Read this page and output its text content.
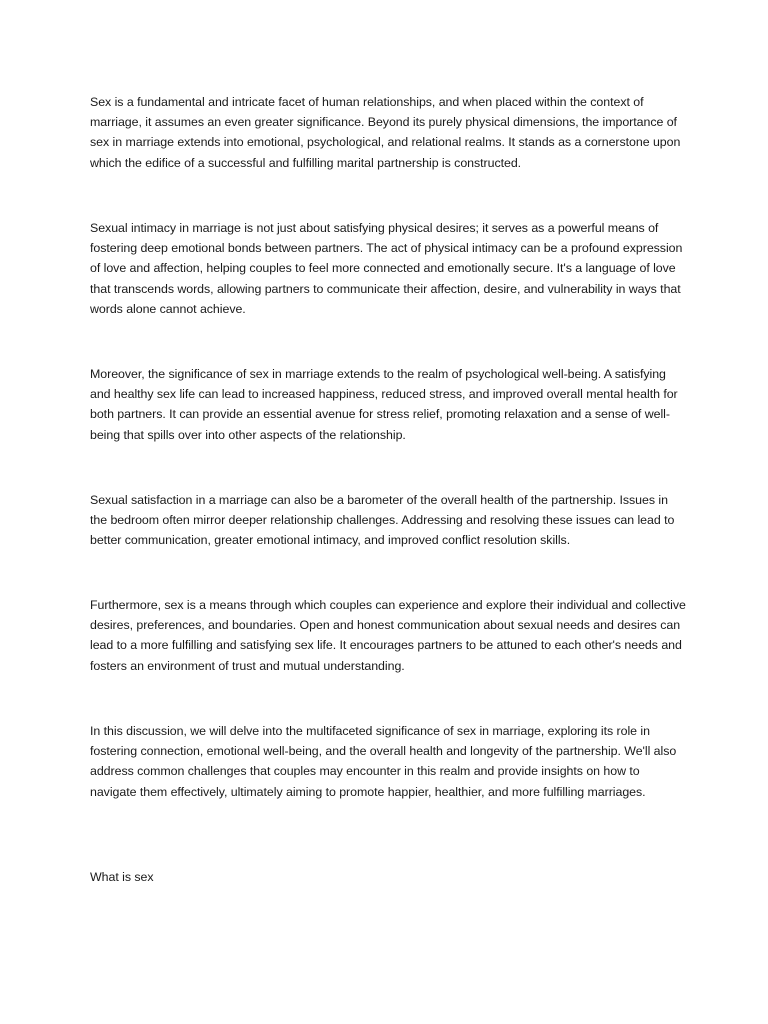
Sex is a fundamental and intricate facet of human relationships, and when placed within the context of marriage, it assumes an even greater significance. Beyond its purely physical dimensions, the importance of sex in marriage extends into emotional, psychological, and relational realms. It stands as a cornerstone upon which the edifice of a successful and fulfilling marital partnership is constructed.

Sexual intimacy in marriage is not just about satisfying physical desires; it serves as a powerful means of fostering deep emotional bonds between partners. The act of physical intimacy can be a profound expression of love and affection, helping couples to feel more connected and emotionally secure. It's a language of love that transcends words, allowing partners to communicate their affection, desire, and vulnerability in ways that words alone cannot achieve.

Moreover, the significance of sex in marriage extends to the realm of psychological well-being. A satisfying and healthy sex life can lead to increased happiness, reduced stress, and improved overall mental health for both partners. It can provide an essential avenue for stress relief, promoting relaxation and a sense of well-being that spills over into other aspects of the relationship.

Sexual satisfaction in a marriage can also be a barometer of the overall health of the partnership. Issues in the bedroom often mirror deeper relationship challenges. Addressing and resolving these issues can lead to better communication, greater emotional intimacy, and improved conflict resolution skills.

Furthermore, sex is a means through which couples can experience and explore their individual and collective desires, preferences, and boundaries. Open and honest communication about sexual needs and desires can lead to a more fulfilling and satisfying sex life. It encourages partners to be attuned to each other's needs and fosters an environment of trust and mutual understanding.

In this discussion, we will delve into the multifaceted significance of sex in marriage, exploring its role in fostering connection, emotional well-being, and the overall health and longevity of the partnership. We'll also address common challenges that couples may encounter in this realm and provide insights on how to navigate them effectively, ultimately aiming to promote happier, healthier, and more fulfilling marriages.

What is sex
